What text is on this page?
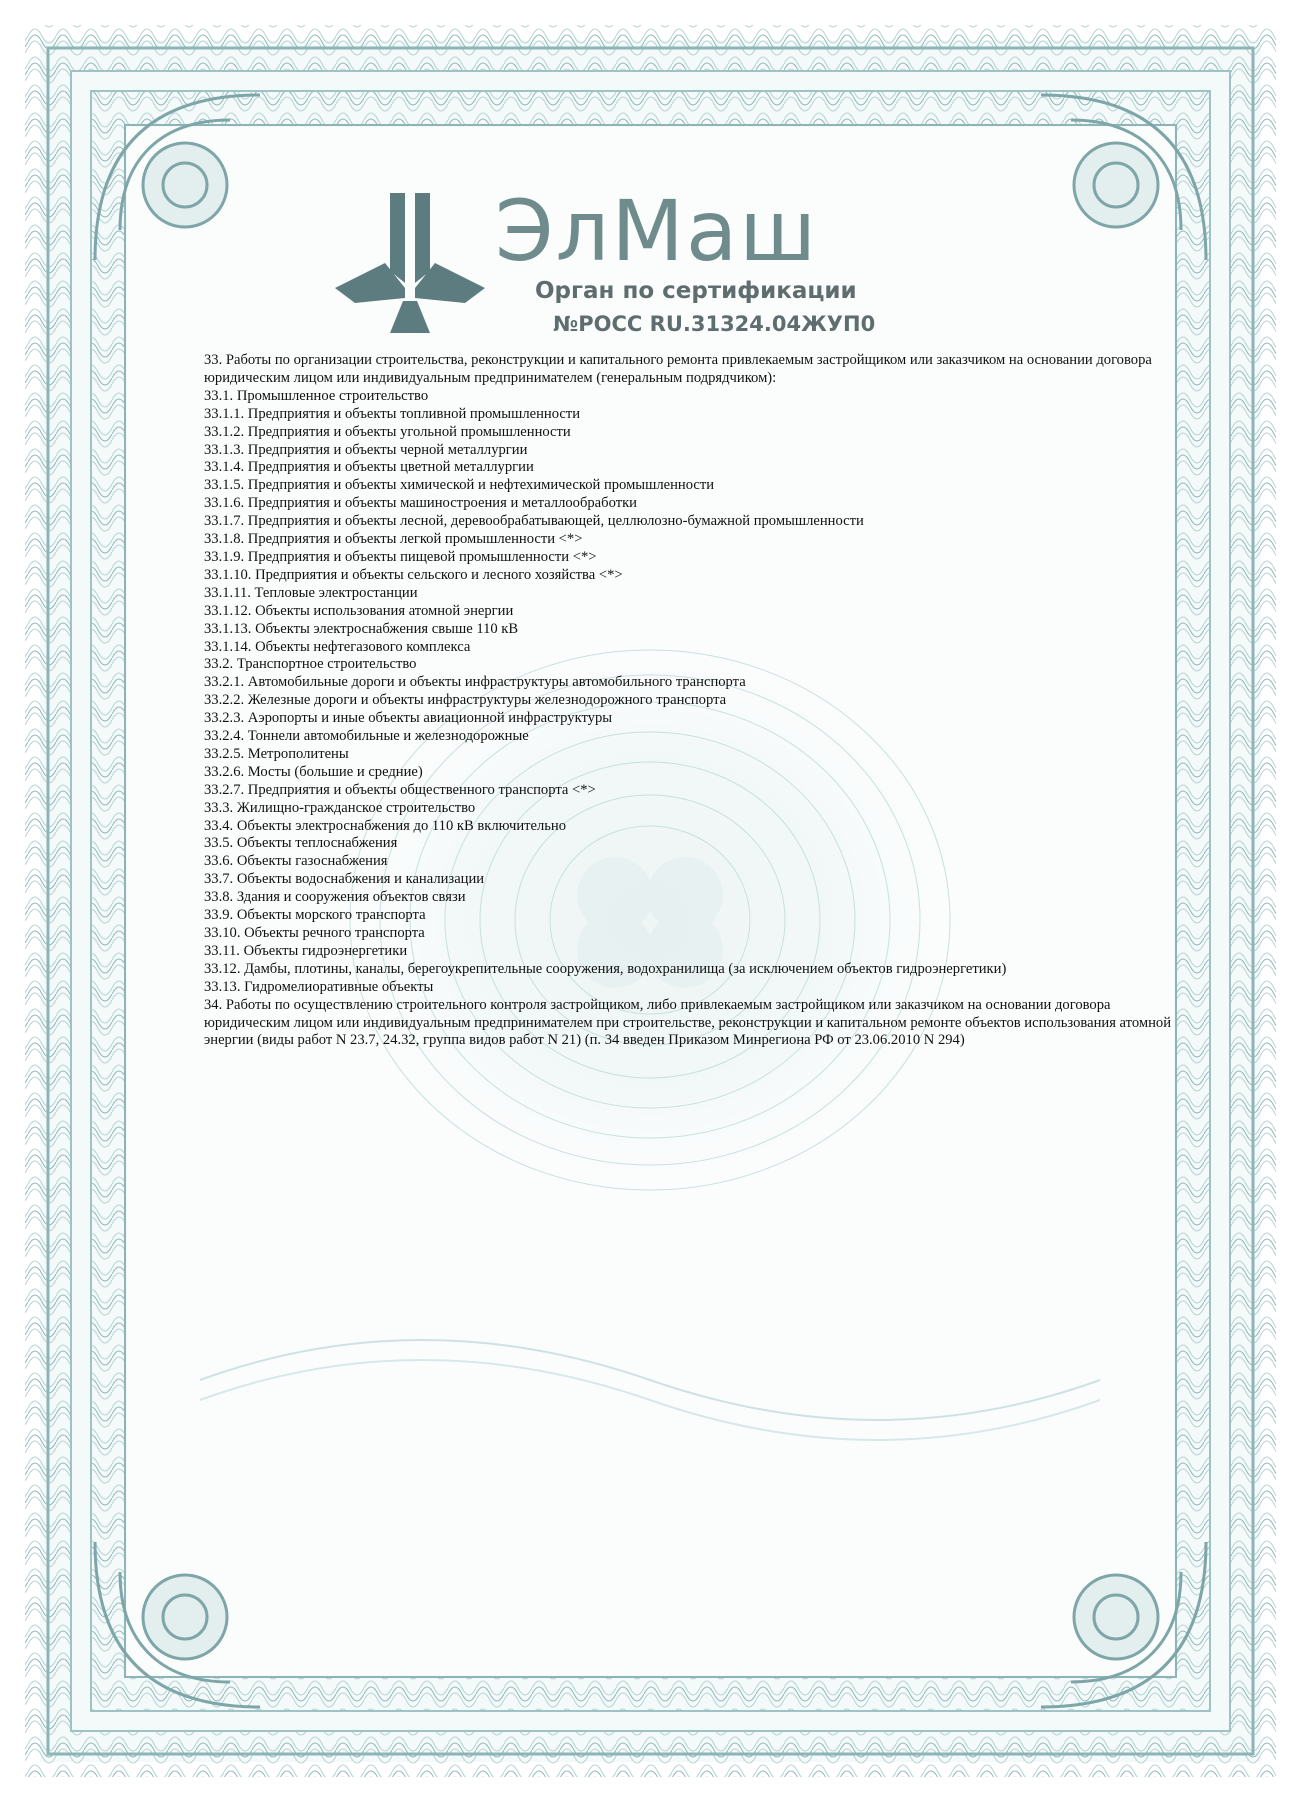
ЭлМаш
Орган по сертификации
№РОСС RU.31324.04ЖУП0

33. Работы по организации строительства, реконструкции и капитального ремонта привлекаемым застройщиком или заказчиком на основании договора юридическим лицом или индивидуальным предпринимателем (генеральным подрядчиком):

33.1. Промышленное строительство

33.1.1. Предприятия и объекты топливной промышленности

33.1.2. Предприятия и объекты угольной промышленности

33.1.3. Предприятия и объекты черной металлургии

33.1.4. Предприятия и объекты цветной металлургии

33.1.5. Предприятия и объекты химической и нефтехимической промышленности

33.1.6. Предприятия и объекты машиностроения и металлообработки

33.1.7. Предприятия и объекты лесной, деревообрабатывающей, целлюлозно-бумажной промышленности

33.1.8. Предприятия и объекты легкой промышленности <*>

33.1.9. Предприятия и объекты пищевой промышленности <*>

33.1.10. Предприятия и объекты сельского и лесного хозяйства <*>

33.1.11. Тепловые электростанции

33.1.12. Объекты использования атомной энергии

33.1.13. Объекты электроснабжения свыше 110 кВ

33.1.14. Объекты нефтегазового комплекса

33.2. Транспортное строительство

33.2.1. Автомобильные дороги и объекты инфраструктуры автомобильного транспорта

33.2.2. Железные дороги и объекты инфраструктуры железнодорожного транспорта

33.2.3. Аэропорты и иные объекты авиационной инфраструктуры

33.2.4. Тоннели автомобильные и железнодорожные

33.2.5. Метрополитены

33.2.6. Мосты (большие и средние)

33.2.7. Предприятия и объекты общественного транспорта <*>

33.3. Жилищно-гражданское строительство

33.4. Объекты электроснабжения до 110 кВ включительно

33.5. Объекты теплоснабжения

33.6. Объекты газоснабжения

33.7. Объекты водоснабжения и канализации

33.8. Здания и сооружения объектов связи

33.9. Объекты морского транспорта

33.10. Объекты речного транспорта

33.11. Объекты гидроэнергетики

33.12. Дамбы, плотины, каналы, берегоукрепительные сооружения, водохранилища (за исключением объектов гидроэнергетики)

33.13. Гидромелиоративные объекты

34. Работы по осуществлению строительного контроля застройщиком, либо привлекаемым застройщиком или заказчиком на основании договора юридическим лицом или индивидуальным предпринимателем при строительстве, реконструкции и капитальном ремонте объектов использования атомной энергии (виды работ N 23.7, 24.32, группа видов работ N 21) (п. 34 введен Приказом Минрегиона РФ от 23.06.2010 N 294)
